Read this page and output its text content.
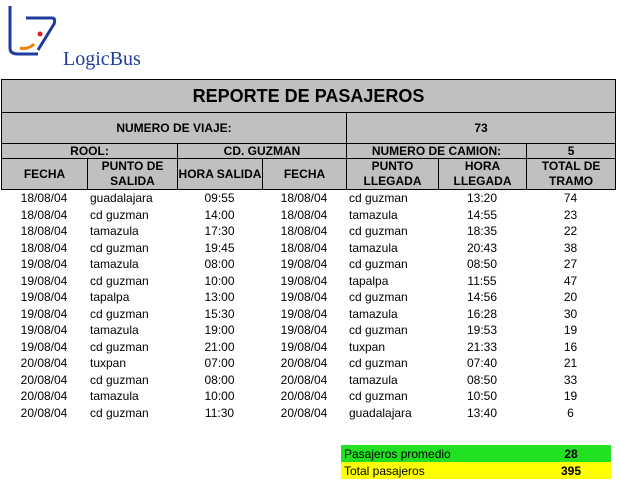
LogicBus
REPORTE DE PASAJEROS						
NUMERO DE VIAJE:				73		
ROOL:		CD. GUZMAN		NUMERO DE CAMION:		5
FECHA	PUNTO DE SALIDA	HORA SALIDA	FECHA	PUNTO LLEGADA	HORA LLEGADA	TOTAL DE TRAMO
18/08/04	guadalajara	09:55	18/08/04	cd guzman	13:20	74
18/08/04	cd guzman	14:00	18/08/04	tamazula	14:55	23
18/08/04	tamazula	17:30	18/08/04	cd guzman	18:35	22
18/08/04	cd guzman	19:45	18/08/04	tamazula	20:43	38
19/08/04	tamazula	08:00	19/08/04	cd guzman	08:50	27
19/08/04	cd guzman	10:00	19/08/04	tapalpa	11:55	47
19/08/04	tapalpa	13:00	19/08/04	cd guzman	14:56	20
19/08/04	cd guzman	15:30	19/08/04	tamazula	16:28	30
19/08/04	tamazula	19:00	19/08/04	cd guzman	19:53	19
19/08/04	cd guzman	21:00	19/08/04	tuxpan	21:33	16
20/08/04	tuxpan	07:00	20/08/04	cd guzman	07:40	21
20/08/04	cd guzman	08:00	20/08/04	tamazula	08:50	33
20/08/04	tamazula	10:00	20/08/04	cd guzman	10:50	19
20/08/04	cd guzman	11:30	20/08/04	guadalajara	13:40	6
Pasajeros promedio	28
Total pasajeros	395
